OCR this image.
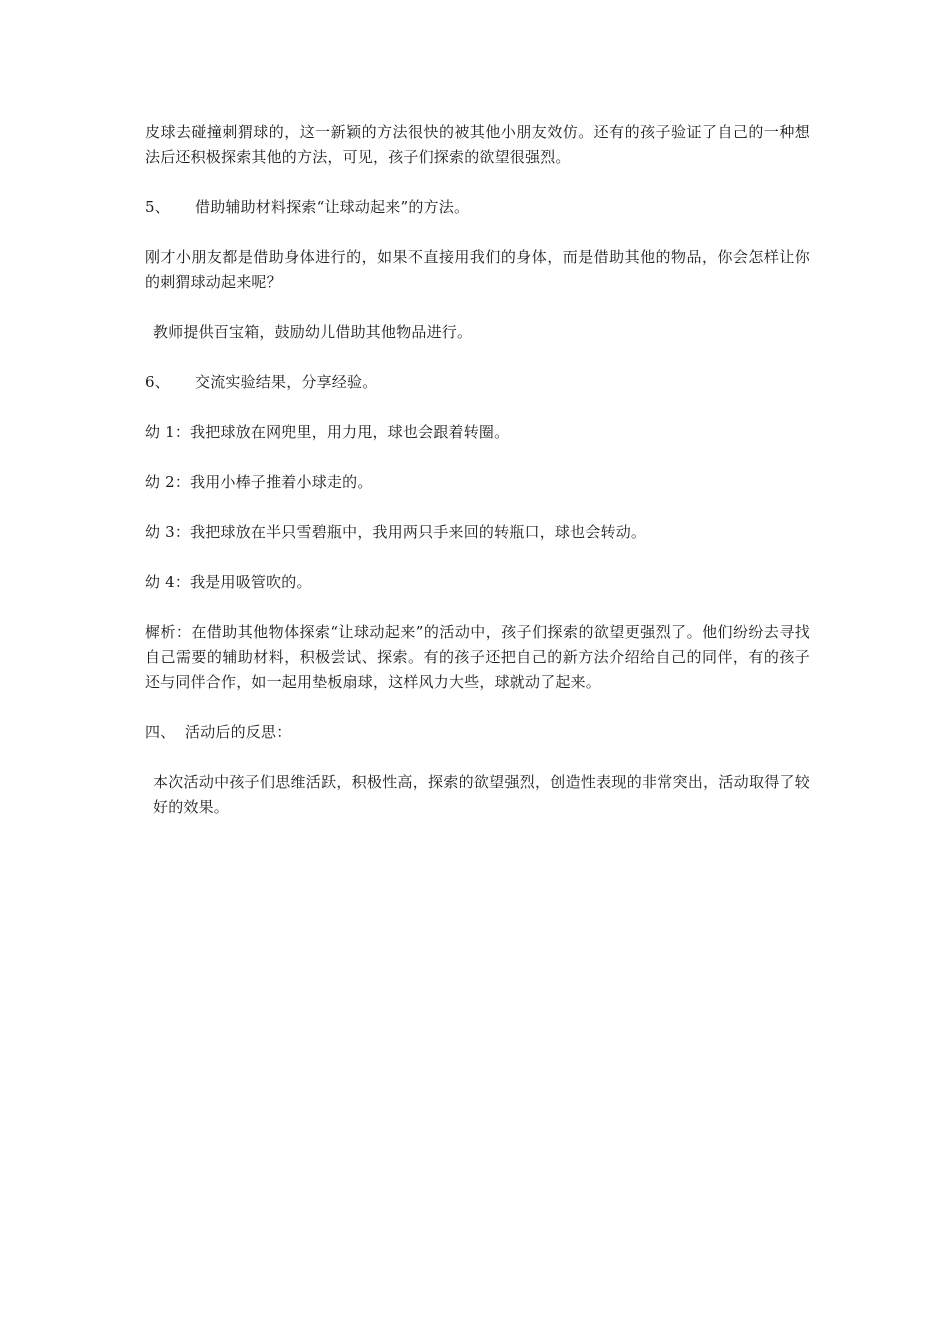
皮球去碰撞刺猬球的，这一新颖的方法很快的被其他小朋友效仿。还有的孩子验证了自己的一种想法后还积极探索其他的方法，可见，孩子们探索的欲望很强烈。

5、 借助辅助材料探索“让球动起来”的方法。

刚才小朋友都是借助身体进行的，如果不直接用我们的身体，而是借助其他的物品，你会怎样让你的刺猬球动起来呢？

教师提供百宝箱，鼓励幼儿借助其他物品进行。

6、 交流实验结果，分享经验。

幼 1：我把球放在网兜里，用力甩，球也会跟着转圈。

幼 2：我用小棒子推着小球走的。

幼 3：我把球放在半只雪碧瓶中，我用两只手来回的转瓶口，球也会转动。

幼 4：我是用吸管吹的。

樨析：在借助其他物体探索“让球动起来”的活动中，孩子们探索的欲望更强烈了。他们纷纷去寻找自己需要的辅助材料，积极尝试、探索。有的孩子还把自己的新方法介绍给自己的同伴，有的孩子还与同伴合作，如一起用垫板扇球，这样风力大些，球就动了起来。

四、 活动后的反思：

本次活动中孩子们思维活跃，积极性高，探索的欲望强烈，创造性表现的非常突出，活动取得了较好的效果。
